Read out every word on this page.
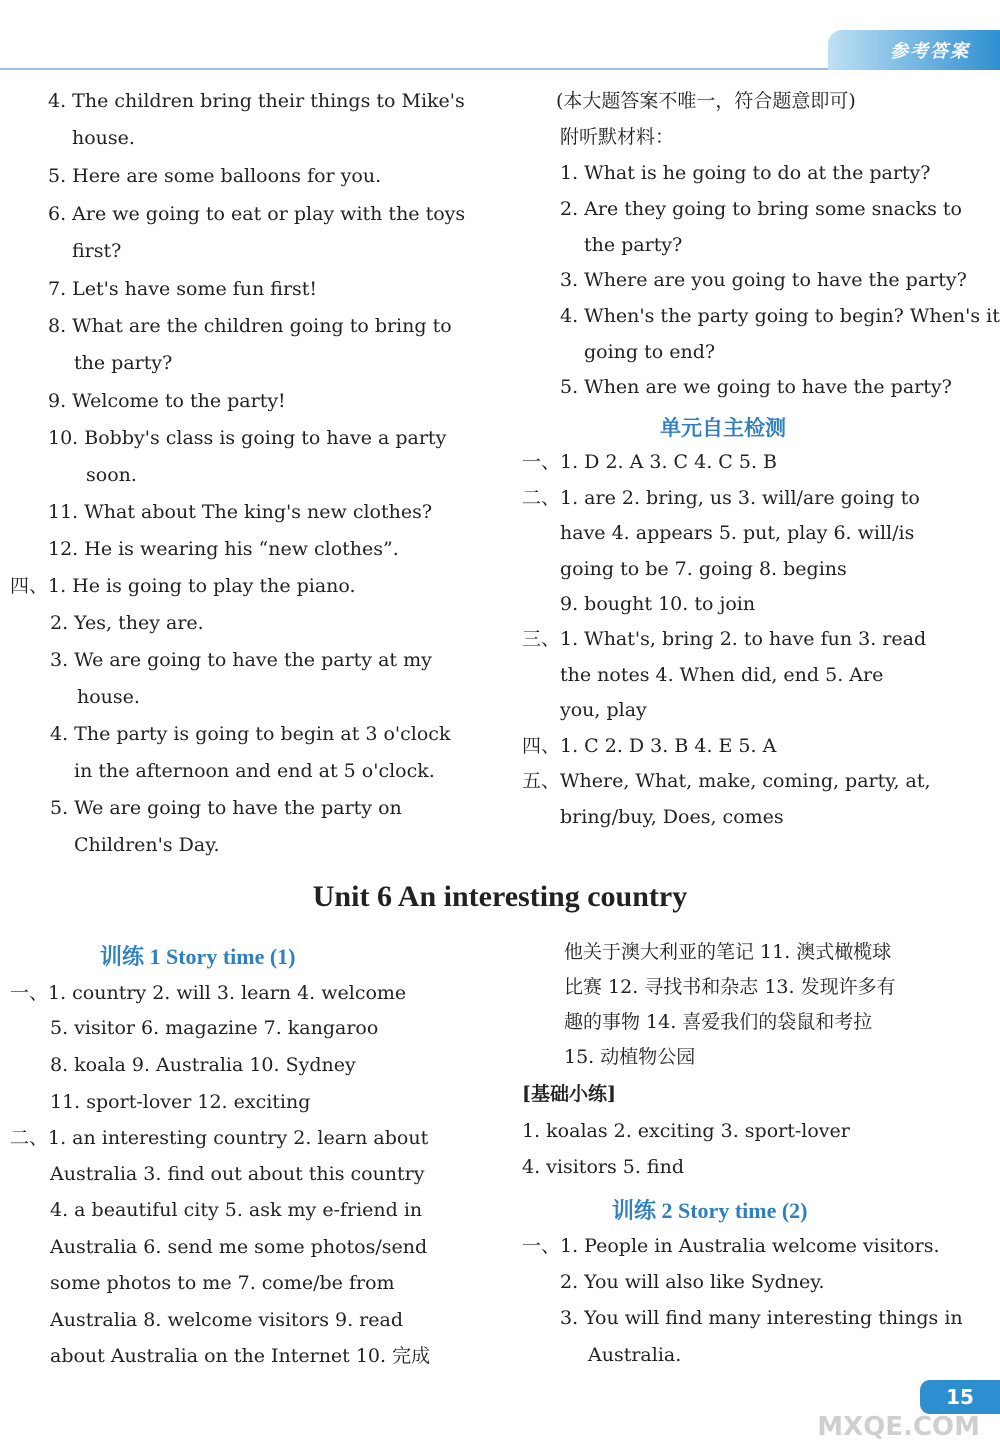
参考答案
4. The children bring their things to Mike's
house.
5. Here are some balloons for you.
6. Are we going to eat or play with the toys
first?
7. Let's have some fun first!
8. What are the children going to bring to
the party?
9. Welcome to the party!
10. Bobby's class is going to have a party
soon.
11. What about The king's new clothes?
12. He is wearing his “new clothes”.
四、1. He is going to play the piano.
2. Yes, they are.
3. We are going to have the party at my
house.
4. The party is going to begin at 3 o'clock
in the afternoon and end at 5 o'clock.
5. We are going to have the party on
Children's Day.
(本大题答案不唯一，符合题意即可)
附听默材料：
1. What is he going to do at the party?
2. Are they going to bring some snacks to
the party?
3. Where are you going to have the party?
4. When's the party going to begin? When's it
going to end?
5. When are we going to have the party?
单元自主检测
一、1. D 2. A 3. C 4. C 5. B
二、1. are 2. bring, us 3. will/are going to
have 4. appears 5. put, play 6. will/is
going to be 7. going 8. begins
9. bought 10. to join
三、1. What's, bring 2. to have fun 3. read
the notes 4. When did, end 5. Are
you, play
四、1. C 2. D 3. B 4. E 5. A
五、Where, What, make, coming, party, at,
bring/buy, Does, comes
Unit 6 An interesting country
训练 1 Story time (1)
一、1. country 2. will 3. learn 4. welcome
5. visitor 6. magazine 7. kangaroo
8. koala 9. Australia 10. Sydney
11. sport-lover 12. exciting
二、1. an interesting country 2. learn about
Australia 3. find out about this country
4. a beautiful city 5. ask my e-friend in
Australia 6. send me some photos/send
some photos to me 7. come/be from
Australia 8. welcome visitors 9. read
about Australia on the Internet 10. 完成
他关于澳大利亚的笔记 11. 澳式橄榄球
比赛 12. 寻找书和杂志 13. 发现许多有
趣的事物 14. 喜爱我们的袋鼠和考拉
15. 动植物公园
[基础小练]
1. koalas 2. exciting 3. sport-lover
4. visitors 5. find
训练 2 Story time (2)
一、1. People in Australia welcome visitors.
2. You will also like Sydney.
3. You will find many interesting things in
Australia.
15
MXQE.COM
